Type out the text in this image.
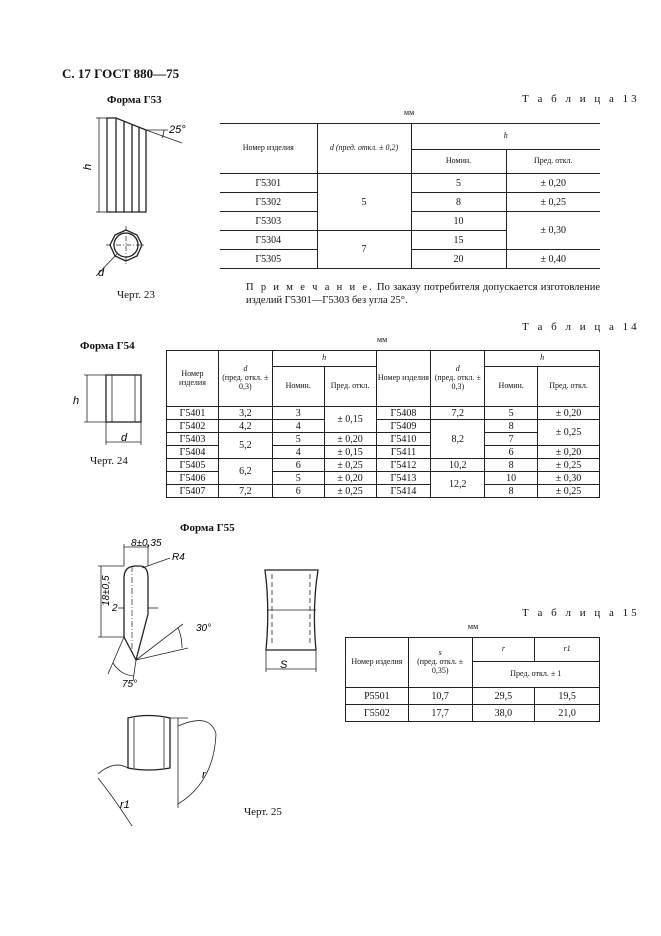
С. 17 ГОСТ 880—75
Форма Г53
h
25°
d
Черт. 23
Т а б л и ц а 13
мм
Номер изделия	d (пред. откл. ± 0,2)	h	
		Номин.	Пред. откл.
Г5301	5	5	± 0,20
Г5302		8	± 0,25
Г5303		10	± 0,30
Г5304	7	15	
Г5305		20	± 0,40
П р и м е ч а н и е. По заказу потребителя допускается изготовление изделий Г5301—Г5303 без угла 25°.
Форма Г54
h
d
Черт. 24
Т а б л и ц а 14
мм
Номер изделия	d
(пред. откл. ± 0,3)	h		Номер изделия	d
(пред. откл. ± 0,3)	h	
		Номин.	Пред. откл.			Номин.	Пред. откл.
Г5401	3,2	3	± 0,15	Г5408	7,2	5	± 0,20
Г5402	4,2	4		Г5409	8,2	8	± 0,25
Г5403	5,2	5	± 0,20	Г5410		7	
Г5404		4	± 0,15	Г5411		6	± 0,20
Г5405	6,2	6	± 0,25	Г5412	10,2	8	± 0,25
Г5406		5	± 0,20	Г5413	12,2	10	± 0,30
Г5407	7,2	6	± 0,25	Г5414		8	± 0,25
Форма Г55
8±0,35
R4
18±0,5
2
30°
75°
S
r
r1
Черт. 25
Т а б л и ц а 15
мм
Номер изделия	s
(пред. откл. ± 0,35)	r	r1
		Пред. откл. ± 1	
Р5501	10,7	29,5	19,5
Г5502	17,7	38,0	21,0
